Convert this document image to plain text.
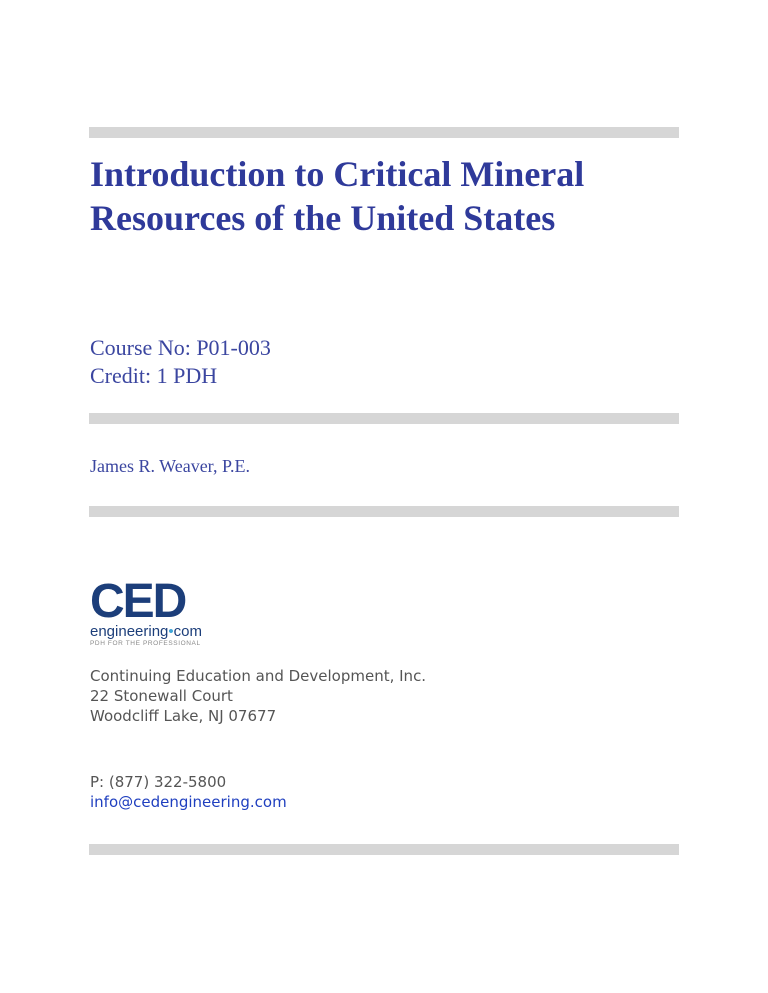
Introduction to Critical Mineral
Resources of the United States
Course No: P01-003
Credit: 1 PDH
James R. Weaver, P.E.
CED
engineering•com
PDH FOR THE PROFESSIONAL
Continuing Education and Development, Inc.
22 Stonewall Court
Woodcliff Lake, NJ 07677
P: (877) 322-5800
info@cedengineering.com
